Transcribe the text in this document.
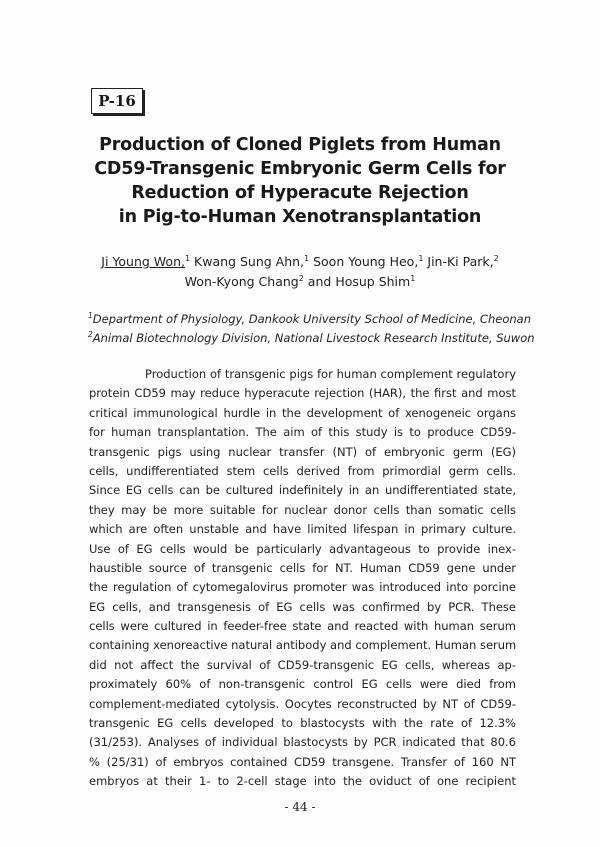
P-16
Production of Cloned Piglets from Human
CD59-Transgenic Embryonic Germ Cells for
Reduction of Hyperacute Rejection
in Pig-to-Human Xenotransplantation
Ji Young Won,$^1$ Kwang Sung Ahn,$^1$ Soon Young Heo,$^1$ Jin-Ki Park,$^2$
Won-Kyong Chang$^2$ and Hosup Shim$^1$
$^1$Department of Physiology, Dankook University School of Medicine, Cheonan
$^2$Animal Biotechnology Division, National Livestock Research Institute, Suwon
Production of transgenic pigs for human complement regulatory
protein CD59 may reduce hyperacute rejection (HAR), the first and most
critical immunological hurdle in the development of xenogeneic organs
for human transplantation. The aim of this study is to produce CD59-
transgenic pigs using nuclear transfer (NT) of embryonic germ (EG)
cells, undifferentiated stem cells derived from primordial germ cells.
Since EG cells can be cultured indefinitely in an undifferentiated state,
they may be more suitable for nuclear donor cells than somatic cells
which are often unstable and have limited lifespan in primary culture.
Use of EG cells would be particularly advantageous to provide inex-
haustible source of transgenic cells for NT. Human CD59 gene under
the regulation of cytomegalovirus promoter was introduced into porcine
EG cells, and transgenesis of EG cells was confirmed by PCR. These
cells were cultured in feeder-free state and reacted with human serum
containing xenoreactive natural antibody and complement. Human serum
did not affect the survival of CD59-transgenic EG cells, whereas ap-
proximately 60% of non-transgenic control EG cells were died from
complement-mediated cytolysis. Oocytes reconstructed by NT of CD59-
transgenic EG cells developed to blastocysts with the rate of 12.3%
(31/253). Analyses of individual blastocysts by PCR indicated that 80.6
% (25/31) of embryos contained CD59 transgene. Transfer of 160 NT
embryos at their 1- to 2-cell stage into the oviduct of one recipient
- 44 -
